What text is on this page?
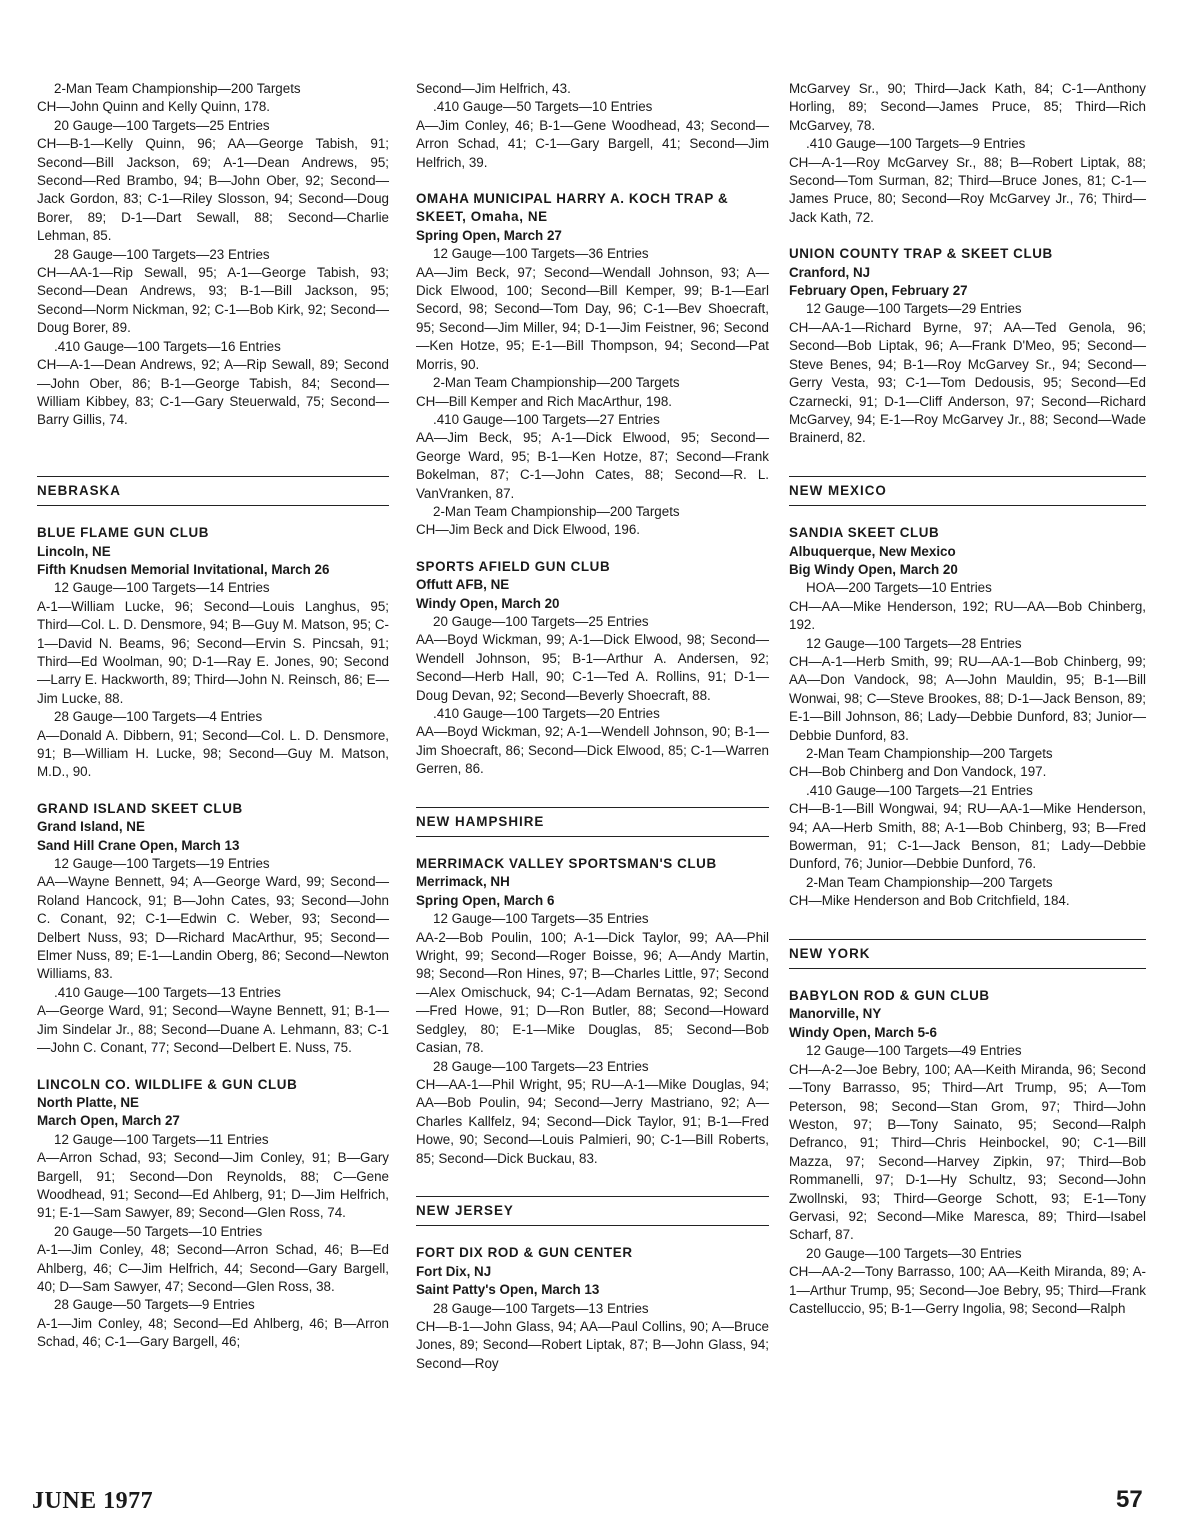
2-Man Team Championship—200 Targets
CH—John Quinn and Kelly Quinn, 178.
20 Gauge—100 Targets—25 Entries
CH—B-1—Kelly Quinn, 96; AA—George Tabish, 91; Second—Bill Jackson, 69; A-1—Dean Andrews, 95; Second—Red Brambo, 94; B—John Ober, 92; Second—Jack Gordon, 83; C-1—Riley Slosson, 94; Second—Doug Borer, 89; D-1—Dart Sewall, 88; Second—Charlie Lehman, 85.
28 Gauge—100 Targets—23 Entries
CH—AA-1—Rip Sewall, 95; A-1—George Tabish, 93; Second—Dean Andrews, 93; B-1—Bill Jackson, 95; Second—Norm Nickman, 92; C-1—Bob Kirk, 92; Second—Doug Borer, 89.
.410 Gauge—100 Targets—16 Entries
CH—A-1—Dean Andrews, 92; A—Rip Sewall, 89; Second—John Ober, 86; B-1—George Tabish, 84; Second—William Kibbey, 83; C-1—Gary Steuerwald, 75; Second—Barry Gillis, 74.
NEBRASKA
BLUE FLAME GUN CLUB
Lincoln, NE
Fifth Knudsen Memorial Invitational, March 26
12 Gauge—100 Targets—14 Entries
A-1—William Lucke, 96; Second—Louis Langhus, 95; Third—Col. L. D. Densmore, 94; B—Guy M. Matson, 95; C-1—David N. Beams, 96; Second—Ervin S. Pincsah, 91; Third—Ed Woolman, 90; D-1—Ray E. Jones, 90; Second—Larry E. Hackworth, 89; Third—John N. Reinsch, 86; E—Jim Lucke, 88.
28 Gauge—100 Targets—4 Entries
A—Donald A. Dibbern, 91; Second—Col. L. D. Densmore, 91; B—William H. Lucke, 98; Second—Guy M. Matson, M.D., 90.
GRAND ISLAND SKEET CLUB
Grand Island, NE
Sand Hill Crane Open, March 13
12 Gauge—100 Targets—19 Entries
AA—Wayne Bennett, 94; A—George Ward, 99; Second—Roland Hancock, 91; B—John Cates, 93; Second—John C. Conant, 92; C-1—Edwin C. Weber, 93; Second—Delbert Nuss, 93; D—Richard MacArthur, 95; Second—Elmer Nuss, 89; E-1—Landin Oberg, 86; Second—Newton Williams, 83.
.410 Gauge—100 Targets—13 Entries
A—George Ward, 91; Second—Wayne Bennett, 91; B-1—Jim Sindelar Jr., 88; Second—Duane A. Lehmann, 83; C-1—John C. Conant, 77; Second—Delbert E. Nuss, 75.
LINCOLN CO. WILDLIFE & GUN CLUB
North Platte, NE
March Open, March 27
12 Gauge—100 Targets—11 Entries
A—Arron Schad, 93; Second—Jim Conley, 91; B—Gary Bargell, 91; Second—Don Reynolds, 88; C—Gene Woodhead, 91; Second—Ed Ahlberg, 91; D—Jim Helfrich, 91; E-1—Sam Sawyer, 89; Second—Glen Ross, 74.
20 Gauge—50 Targets—10 Entries
A-1—Jim Conley, 48; Second—Arron Schad, 46; B—Ed Ahlberg, 46; C—Jim Helfrich, 44; Second—Gary Bargell, 40; D—Sam Sawyer, 47; Second—Glen Ross, 38.
28 Gauge—50 Targets—9 Entries
A-1—Jim Conley, 48; Second—Ed Ahlberg, 46; B—Arron Schad, 46; C-1—Gary Bargell, 46;
Second—Jim Helfrich, 43.
.410 Gauge—50 Targets—10 Entries
A—Jim Conley, 46; B-1—Gene Woodhead, 43; Second—Arron Schad, 41; C-1—Gary Bargell, 41; Second—Jim Helfrich, 39.
OMAHA MUNICIPAL HARRY A. KOCH TRAP & SKEET, Omaha, NE
Spring Open, March 27
12 Gauge—100 Targets—36 Entries
AA—Jim Beck, 97; Second—Wendall Johnson, 93; A—Dick Elwood, 100; Second—Bill Kemper, 99; B-1—Earl Secord, 98; Second—Tom Day, 96; C-1—Bev Shoecraft, 95; Second—Jim Miller, 94; D-1—Jim Feistner, 96; Second—Ken Hotze, 95; E-1—Bill Thompson, 94; Second—Pat Morris, 90.
2-Man Team Championship—200 Targets
CH—Bill Kemper and Rich MacArthur, 198.
.410 Gauge—100 Targets—27 Entries
AA—Jim Beck, 95; A-1—Dick Elwood, 95; Second—George Ward, 95; B-1—Ken Hotze, 87; Second—Frank Bokelman, 87; C-1—John Cates, 88; Second—R. L. VanVranken, 87.
2-Man Team Championship—200 Targets
CH—Jim Beck and Dick Elwood, 196.
SPORTS AFIELD GUN CLUB
Offutt AFB, NE
Windy Open, March 20
20 Gauge—100 Targets—25 Entries
AA—Boyd Wickman, 99; A-1—Dick Elwood, 98; Second—Wendell Johnson, 95; B-1—Arthur A. Andersen, 92; Second—Herb Hall, 90; C-1—Ted A. Rollins, 91; D-1—Doug Devan, 92; Second—Beverly Shoecraft, 88.
.410 Gauge—100 Targets—20 Entries
AA—Boyd Wickman, 92; A-1—Wendell Johnson, 90; B-1—Jim Shoecraft, 86; Second—Dick Elwood, 85; C-1—Warren Gerren, 86.
NEW HAMPSHIRE
MERRIMACK VALLEY SPORTSMAN'S CLUB
Merrimack, NH
Spring Open, March 6
12 Gauge—100 Targets—35 Entries
AA-2—Bob Poulin, 100; A-1—Dick Taylor, 99; AA—Phil Wright, 99; Second—Roger Boisse, 96; A—Andy Martin, 98; Second—Ron Hines, 97; B—Charles Little, 97; Second—Alex Omischuck, 94; C-1—Adam Bernatas, 92; Second—Fred Howe, 91; D—Ron Butler, 88; Second—Howard Sedgley, 80; E-1—Mike Douglas, 85; Second—Bob Casian, 78.
28 Gauge—100 Targets—23 Entries
CH—AA-1—Phil Wright, 95; RU—A-1—Mike Douglas, 94; AA—Bob Poulin, 94; Second—Jerry Mastriano, 92; A—Charles Kallfelz, 94; Second—Dick Taylor, 91; B-1—Fred Howe, 90; Second—Louis Palmieri, 90; C-1—Bill Roberts, 85; Second—Dick Buckau, 83.
NEW JERSEY
FORT DIX ROD & GUN CENTER
Fort Dix, NJ
Saint Patty's Open, March 13
28 Gauge—100 Targets—13 Entries
CH—B-1—John Glass, 94; AA—Paul Collins, 90; A—Bruce Jones, 89; Second—Robert Liptak, 87; B—John Glass, 94; Second—Roy
McGarvey Sr., 90; Third—Jack Kath, 84; C-1—Anthony Horling, 89; Second—James Pruce, 85; Third—Rich McGarvey, 78.
.410 Gauge—100 Targets—9 Entries
CH—A-1—Roy McGarvey Sr., 88; B—Robert Liptak, 88; Second—Tom Surman, 82; Third—Bruce Jones, 81; C-1—James Pruce, 80; Second—Roy McGarvey Jr., 76; Third—Jack Kath, 72.
UNION COUNTY TRAP & SKEET CLUB
Cranford, NJ
February Open, February 27
12 Gauge—100 Targets—29 Entries
CH—AA-1—Richard Byrne, 97; AA—Ted Genola, 96; Second—Bob Liptak, 96; A—Frank D'Meo, 95; Second—Steve Benes, 94; B-1—Roy McGarvey Sr., 94; Second—Gerry Vesta, 93; C-1—Tom Dedousis, 95; Second—Ed Czarnecki, 91; D-1—Cliff Anderson, 97; Second—Richard McGarvey, 94; E-1—Roy McGarvey Jr., 88; Second—Wade Brainerd, 82.
NEW MEXICO
SANDIA SKEET CLUB
Albuquerque, New Mexico
Big Windy Open, March 20
HOA—200 Targets—10 Entries
CH—AA—Mike Henderson, 192; RU—AA—Bob Chinberg, 192.
12 Gauge—100 Targets—28 Entries
CH—A-1—Herb Smith, 99; RU—AA-1—Bob Chinberg, 99; AA—Don Vandock, 98; A—John Mauldin, 95; B-1—Bill Wonwai, 98; C—Steve Brookes, 88; D-1—Jack Benson, 89; E-1—Bill Johnson, 86; Lady—Debbie Dunford, 83; Junior—Debbie Dunford, 83.
2-Man Team Championship—200 Targets
CH—Bob Chinberg and Don Vandock, 197.
.410 Gauge—100 Targets—21 Entries
CH—B-1—Bill Wongwai, 94; RU—AA-1—Mike Henderson, 94; AA—Herb Smith, 88; A-1—Bob Chinberg, 93; B—Fred Bowerman, 91; C-1—Jack Benson, 81; Lady—Debbie Dunford, 76; Junior—Debbie Dunford, 76.
2-Man Team Championship—200 Targets
CH—Mike Henderson and Bob Critchfield, 184.
NEW YORK
BABYLON ROD & GUN CLUB
Manorville, NY
Windy Open, March 5-6
12 Gauge—100 Targets—49 Entries
CH—A-2—Joe Bebry, 100; AA—Keith Miranda, 96; Second—Tony Barrasso, 95; Third—Art Trump, 95; A—Tom Peterson, 98; Second—Stan Grom, 97; Third—John Weston, 97; B—Tony Sainato, 95; Second—Ralph Defranco, 91; Third—Chris Heinbockel, 90; C-1—Bill Mazza, 97; Second—Harvey Zipkin, 97; Third—Bob Rommanelli, 97; D-1—Hy Schultz, 93; Second—John Zwollnski, 93; Third—George Schott, 93; E-1—Tony Gervasi, 92; Second—Mike Maresca, 89; Third—Isabel Scharf, 87.
20 Gauge—100 Targets—30 Entries
CH—AA-2—Tony Barrasso, 100; AA—Keith Miranda, 89; A-1—Arthur Trump, 95; Second—Joe Bebry, 95; Third—Frank Castelluccio, 95; B-1—Gerry Ingolia, 98; Second—Ralph
JUNE 1977	57
